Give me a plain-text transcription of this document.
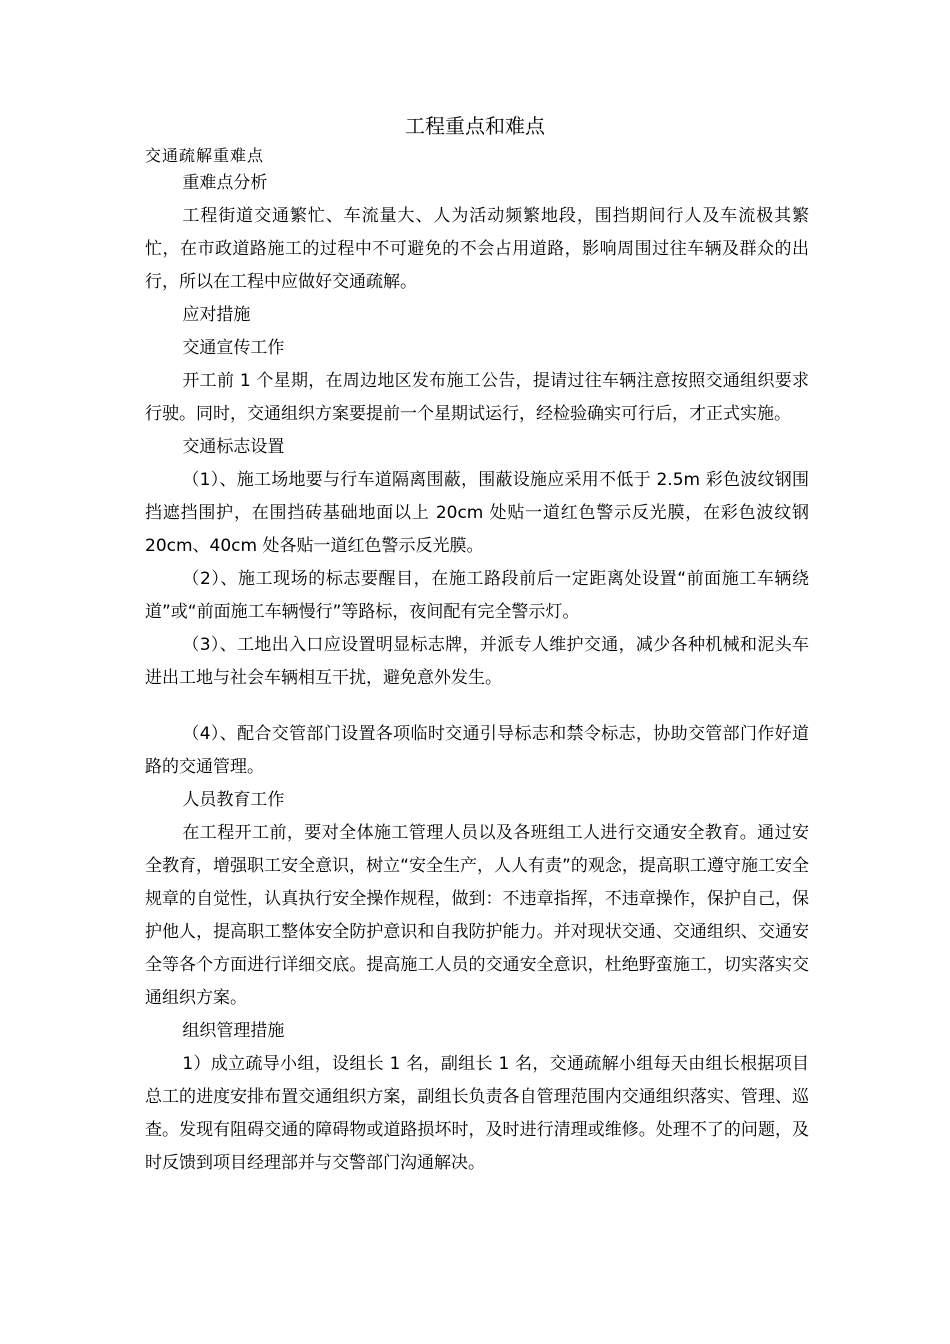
工程重点和难点
交通疏解重难点

重难点分析

工程街道交通繁忙、车流量大、人为活动频繁地段，围挡期间行人及车流极其繁忙，在市政道路施工的过程中不可避免的不会占用道路，影响周围过往车辆及群众的出行，所以在工程中应做好交通疏解。

应对措施

交通宣传工作

开工前 1 个星期，在周边地区发布施工公告，提请过往车辆注意按照交通组织要求行驶。同时，交通组织方案要提前一个星期试运行，经检验确实可行后，才正式实施。

交通标志设置

（1）、施工场地要与行车道隔离围蔽，围蔽设施应采用不低于 2.5m 彩色波纹钢围挡遮挡围护，在围挡砖基础地面以上 20cm 处贴一道红色警示反光膜，在彩色波纹钢 20cm、40cm 处各贴一道红色警示反光膜。

（2）、施工现场的标志要醒目，在施工路段前后一定距离处设置“前面施工车辆绕道”或“前面施工车辆慢行”等路标，夜间配有完全警示灯。

（3）、工地出入口应设置明显标志牌，并派专人维护交通，减少各种机械和泥头车进出工地与社会车辆相互干扰，避免意外发生。

（4）、配合交管部门设置各项临时交通引导标志和禁令标志，协助交管部门作好道路的交通管理。

人员教育工作

在工程开工前，要对全体施工管理人员以及各班组工人进行交通安全教育。通过安全教育，增强职工安全意识，树立“安全生产，人人有责”的观念，提高职工遵守施工安全规章的自觉性，认真执行安全操作规程，做到：不违章指挥，不违章操作，保护自己，保护他人，提高职工整体安全防护意识和自我防护能力。并对现状交通、交通组织、交通安全等各个方面进行详细交底。提高施工人员的交通安全意识，杜绝野蛮施工，切实落实交通组织方案。

组织管理措施

1）成立疏导小组，设组长 1 名，副组长 1 名，交通疏解小组每天由组长根据项目总工的进度安排布置交通组织方案，副组长负责各自管理范围内交通组织落实、管理、巡查。发现有阻碍交通的障碍物或道路损坏时，及时进行清理或维修。处理不了的问题，及时反馈到项目经理部并与交警部门沟通解决。
